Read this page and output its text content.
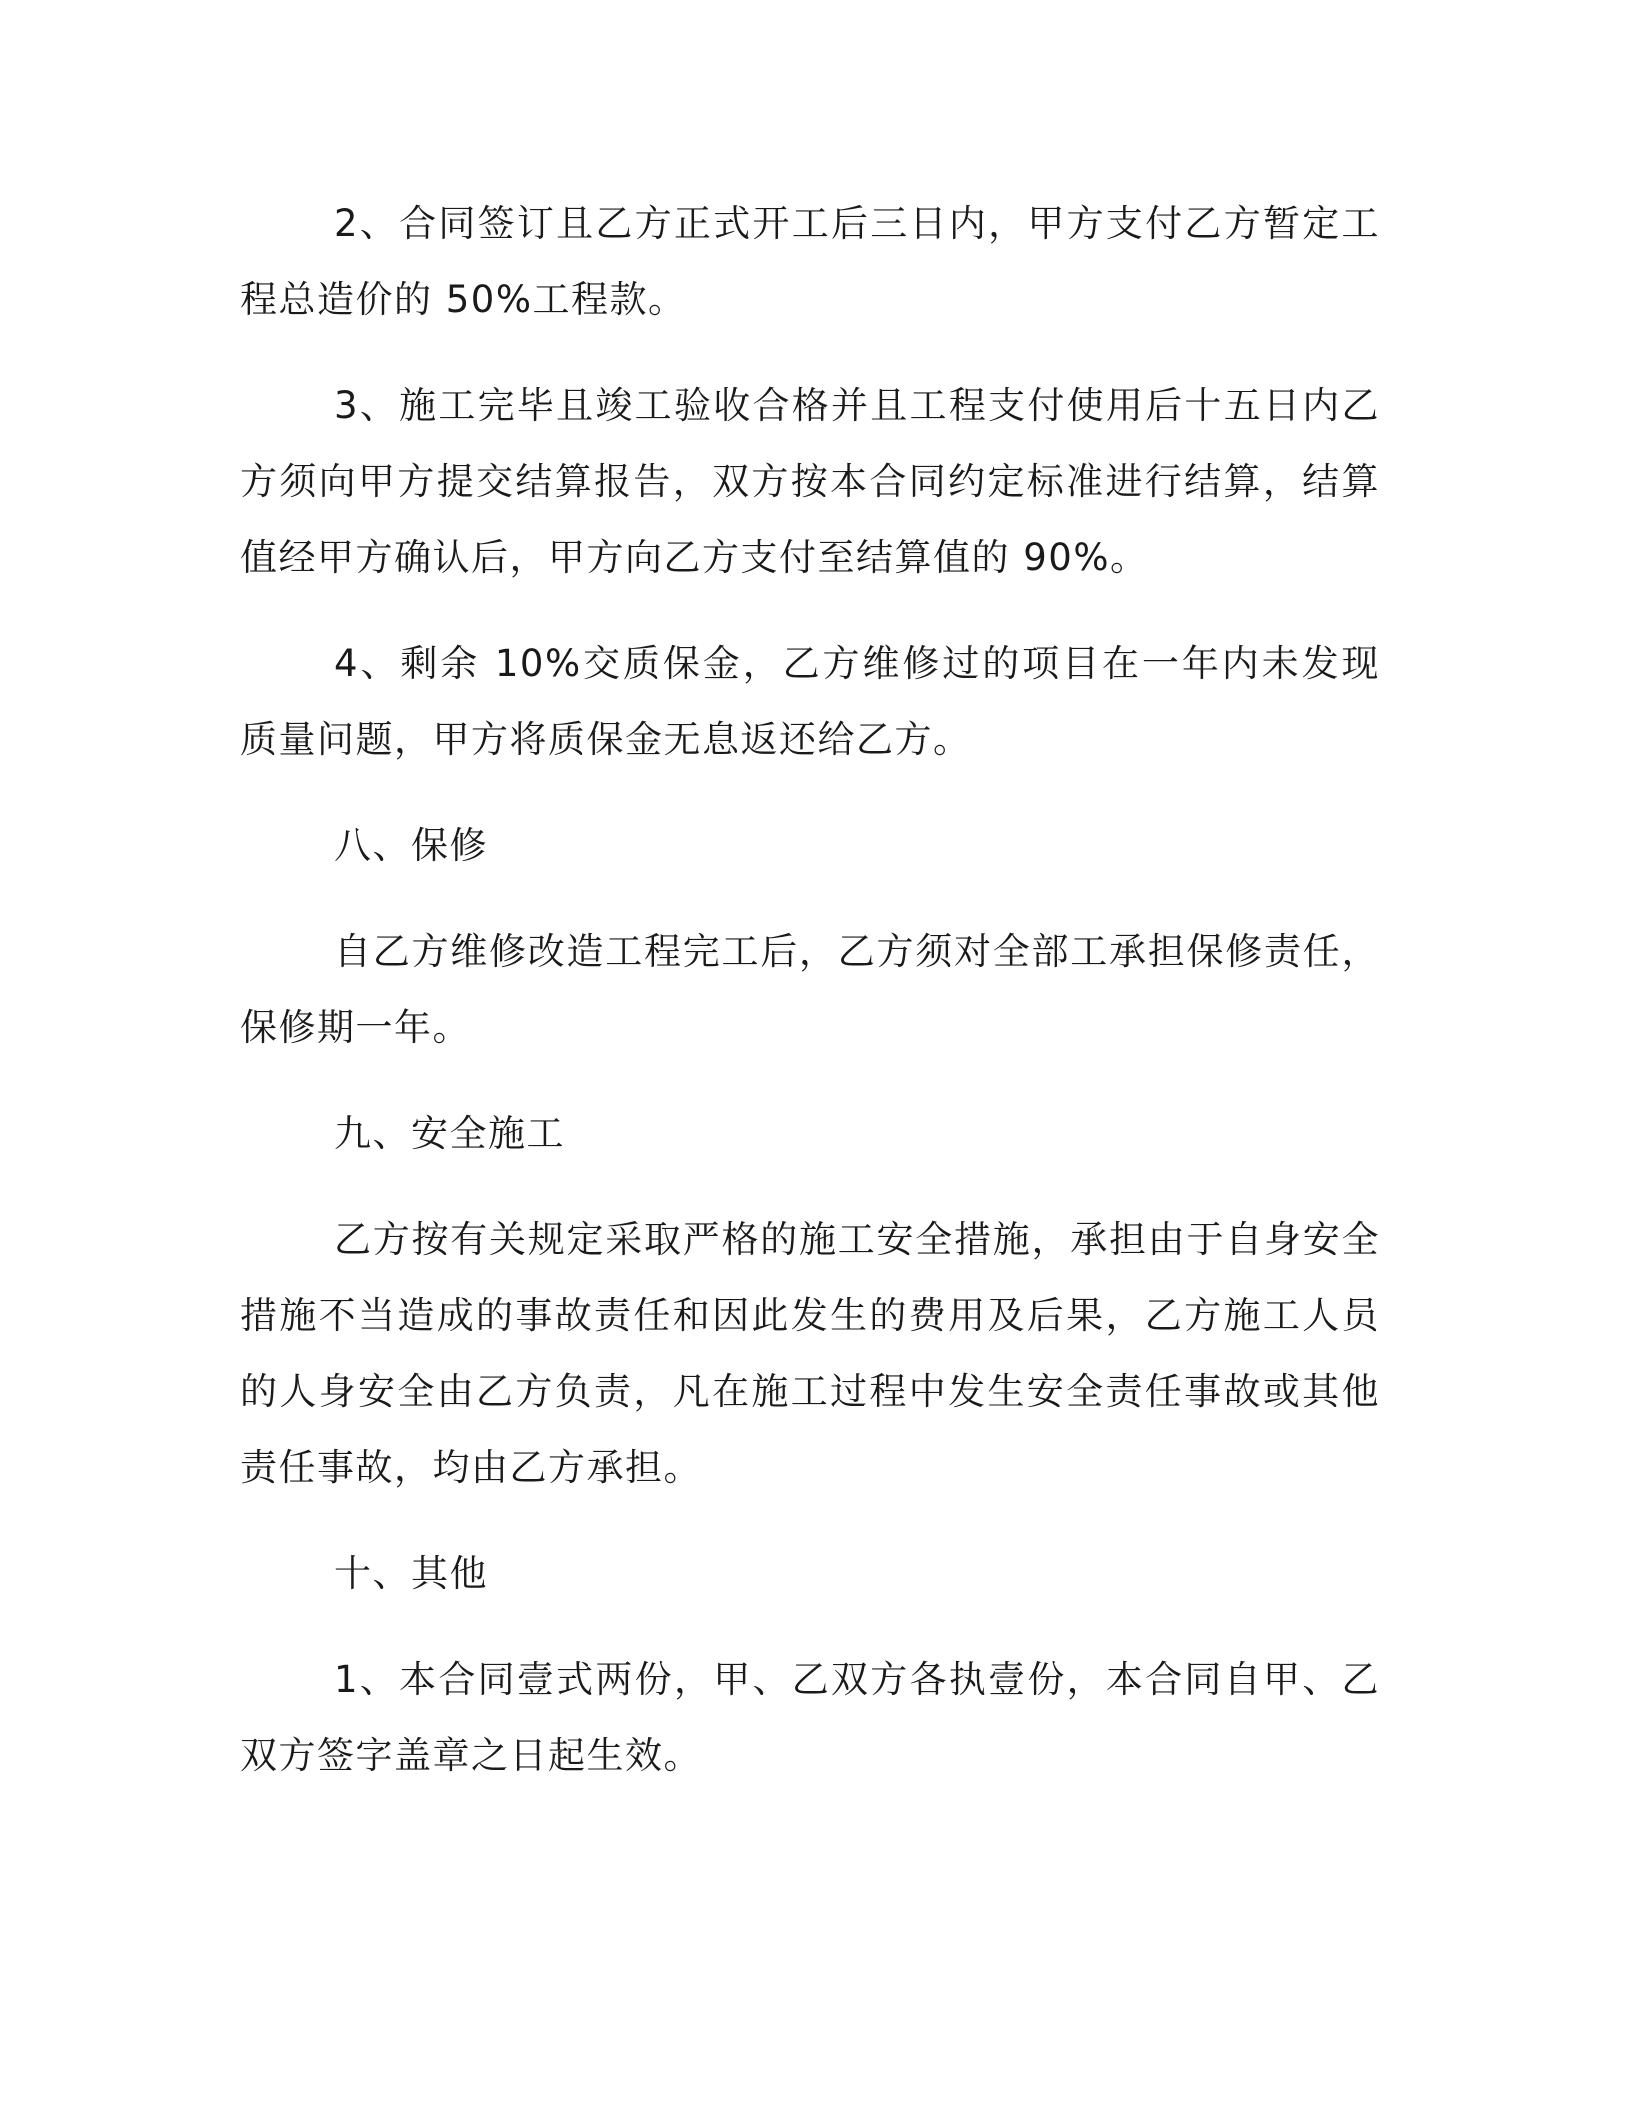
2、合同签订且乙方正式开工后三日内，甲方支付乙方暂定工程总造价的 50%工程款。

3、施工完毕且竣工验收合格并且工程支付使用后十五日内乙方须向甲方提交结算报告，双方按本合同约定标准进行结算，结算值经甲方确认后，甲方向乙方支付至结算值的 90%。

4、剩余 10%交质保金，乙方维修过的项目在一年内未发现质量问题，甲方将质保金无息返还给乙方。

八、保修

自乙方维修改造工程完工后，乙方须对全部工承担保修责任，保修期一年。

九、安全施工

乙方按有关规定采取严格的施工安全措施，承担由于自身安全措施不当造成的事故责任和因此发生的费用及后果，乙方施工人员的人身安全由乙方负责，凡在施工过程中发生安全责任事故或其他责任事故，均由乙方承担。

十、其他

1、本合同壹式两份，甲、乙双方各执壹份，本合同自甲、乙双方签字盖章之日起生效。
